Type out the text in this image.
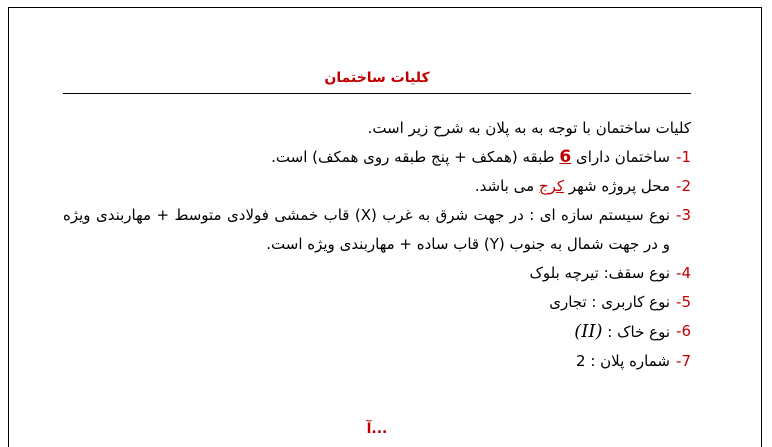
کلیات ساختمان
کلیات ساختمان با توجه به به پلان به شرح زیر است.
1-
ساختمان دارای 6 طبقه (همکف + پنج طبقه روی همکف) است.
2-
محل پروژه شهر کرج می باشد.
3-
نوع سیستم سازه ای : در جهت شرق به غرب (X) قاب خمشی فولادی متوسط + مهاربندی ویژه و در جهت شمال به جنوب (Y) قاب ساده + مهاربندی ویژه است.
4-
نوع سقف: تیرچه بلوک
5-
نوع کاربری : تجاری
6-
نوع خاک : (II)
7-
شماره پلان : 2
آ...
